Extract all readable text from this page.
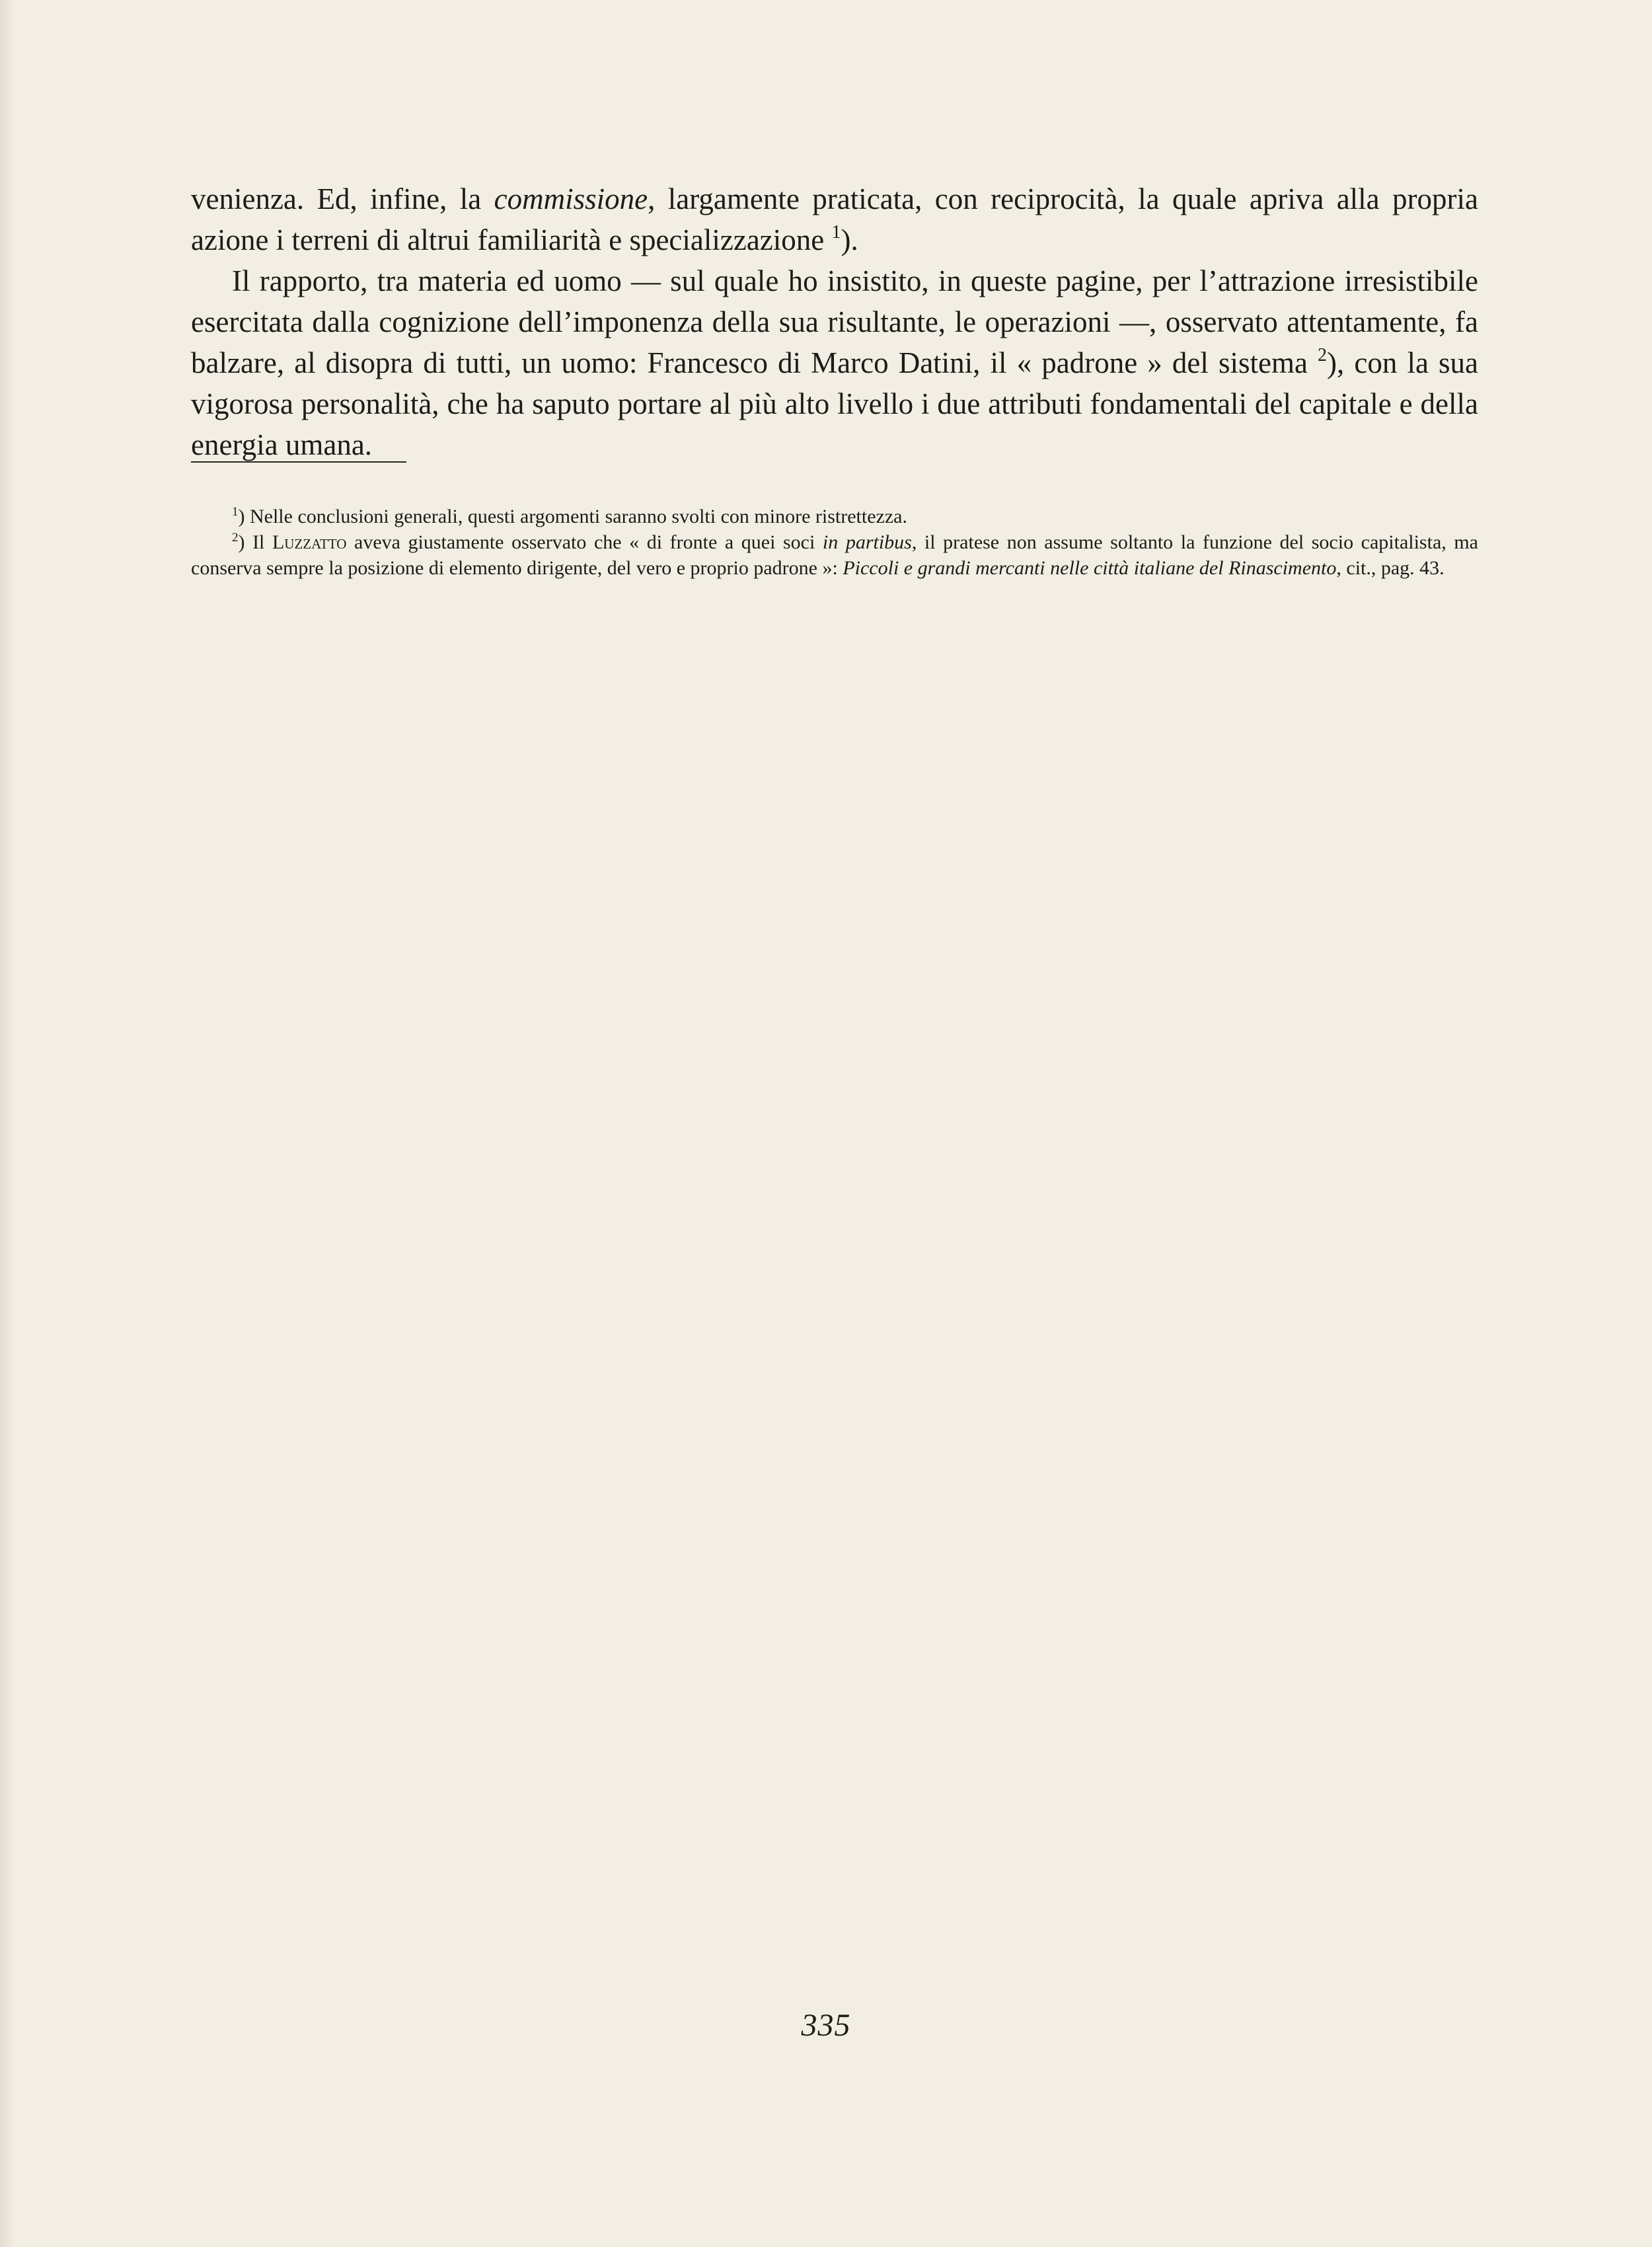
venienza. Ed, infine, la commissione, largamente praticata, con reciprocità, la quale apriva alla propria azione i terreni di altrui familiarità e specializzazione $^1$).

Il rapporto, tra materia ed uomo — sul quale ho insistito, in queste pagine, per l’attrazione irresistibile esercitata dalla cognizione dell’imponenza della sua risultante, le operazioni —, osservato attentamente, fa balzare, al disopra di tutti, un uomo: Francesco di Marco Datini, il « padrone » del sistema $^2$), con la sua vigorosa personalità, che ha saputo portare al più alto livello i due attributi fondamentali del capitale e della energia umana.

$^1$) Nelle conclusioni generali, questi argomenti saranno svolti con minore ristrettezza.

$^2$) Il Luzzatto aveva giustamente osservato che « di fronte a quei soci in partibus, il pratese non assume soltanto la funzione del socio capitalista, ma conserva sempre la posizione di elemento dirigente, del vero e proprio padrone »: Piccoli e grandi mercanti nelle città italiane del Rinascimento, cit., pag. 43.

335
